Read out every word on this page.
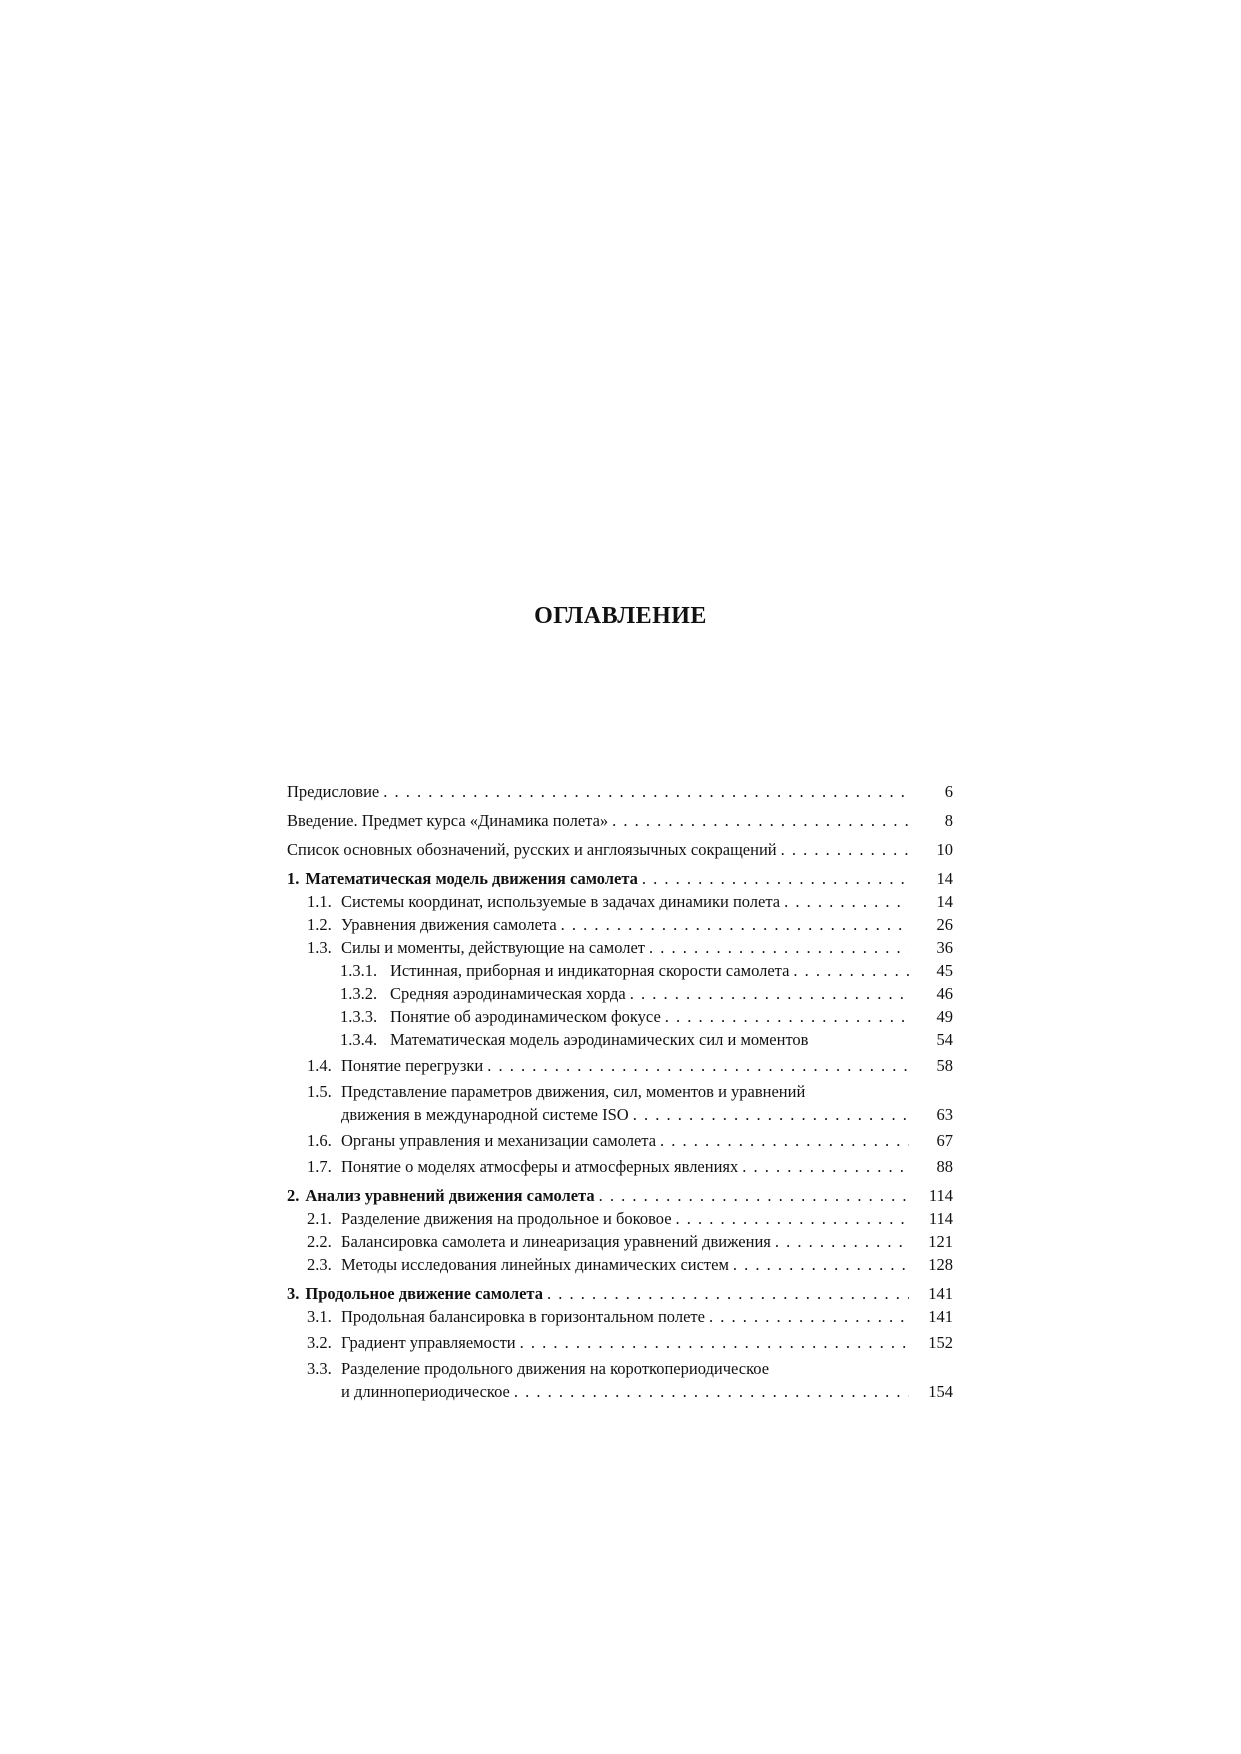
ОГЛАВЛЕНИЕ
Предисловие . . .	6
Введение. Предмет курса «Динамика полета» . . .	8
Список основных обозначений, русских и англоязычных сокращений . . .	10
1. Математическая модель движения самолета . . .	14
1.1. Системы координат, используемые в задачах динамики полета . . .	14
1.2. Уравнения движения самолета . . .	26
1.3. Силы и моменты, действующие на самолет . . .	36
1.3.1. Истинная, приборная и индикаторная скорости самолета . . .	45
1.3.2. Средняя аэродинамическая хорда . . .	46
1.3.3. Понятие об аэродинамическом фокусе . . .	49
1.3.4. Математическая модель аэродинамических сил и моментов	54
1.4. Понятие перегрузки . . .	58
1.5. Представление параметров движения, сил, моментов и уравнений
движения в международной системе ISO . . .	63
1.6. Органы управления и механизации самолета . . .	67
1.7. Понятие о моделях атмосферы и атмосферных явлениях . . .	88
2. Анализ уравнений движения самолета . . .	114
2.1. Разделение движения на продольное и боковое . . .	114
2.2. Балансировка самолета и линеаризация уравнений движения . . .	121
2.3. Методы исследования линейных динамических систем . . .	128
3. Продольное движение самолета . . .	141
3.1. Продольная балансировка в горизонтальном полете . . .	141
3.2. Градиент управляемости . . .	152
3.3. Разделение продольного движения на короткопериодическое
и длиннопериодическое . . .	154
